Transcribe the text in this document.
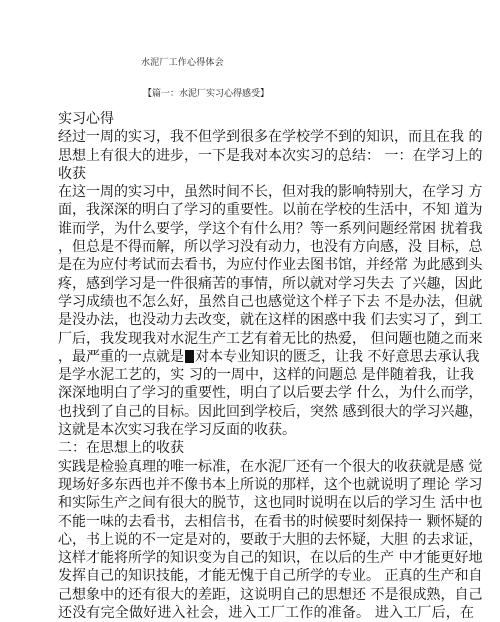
水泥厂工作心得体会
【篇一：水泥厂实习心得感受】
实习心得
经过一周的实习，我不但学到很多在学校学不到的知识，而且在我 的
思想上有很大的进步，一下是我对本次实习的总结： 一：在学习上的
收获
在这一周的实习中，虽然时间不长，但对我的影响特别大，在学习 方
面，我深深的明白了学习的重要性。以前在学校的生活中，不知 道为
谁而学，为什么要学，学这个有什么用？等一系列问题经常困 扰着我
，但总是不得而解，所以学习没有动力，也没有方向感，没 目标，总
是在为应付考试而去看书，为应付作业去图书馆，并经常 为此感到头
疼，感到学习是一件很痛苦的事情，所以就对学习失去 了兴趣，因此
学习成绩也不怎么好，虽然自己也感觉这个样子下去 不是办法，但就
是没办法，也没动力去改变，就在这样的困惑中我 们去实习了，到工
厂后，我发现我对水泥生产工艺有着无比的热爱， 但问题也随之而来
，最严重的一点就是 对本专业知识的匮乏，让我 不好意思去承认我
是学水泥工艺的，实 习的一周中，这样的问题总 是伴随着我，让我
深深地明白了学习的重要性，明白了以后要去学 什么，为什么而学，
也找到了自己的目标。因此回到学校后，突然 感到很大的学习兴趣，
这就是本次实习我在学习反面的收获。
二：在思想上的收获
实践是检验真理的唯一标准，在水泥厂还有一个很大的收获就是感 觉
现场好多东西也并不像书本上所说的那样，这个也就说明了理论 学习
和实际生产之间有很大的脱节，这也同时说明在以后的学习生 活中也
不能一味的去看书，去相信书，在看书的时候要时刻保持一 颗怀疑的
心，书上说的不一定是对的，要敢于大胆的去怀疑，大胆 的去求证，
这样才能将所学的知识变为自己的知识，在以后的生产 中才能更好地
发挥自己的知识技能，才能无愧于自己所学的专业。 正真的生产和自
己想象中的还有很大的差距，这说明自己的思想还 不是很成熟，自己
还没有完全做好进入社会，进入工厂工作的准备。 进入工厂后，在
